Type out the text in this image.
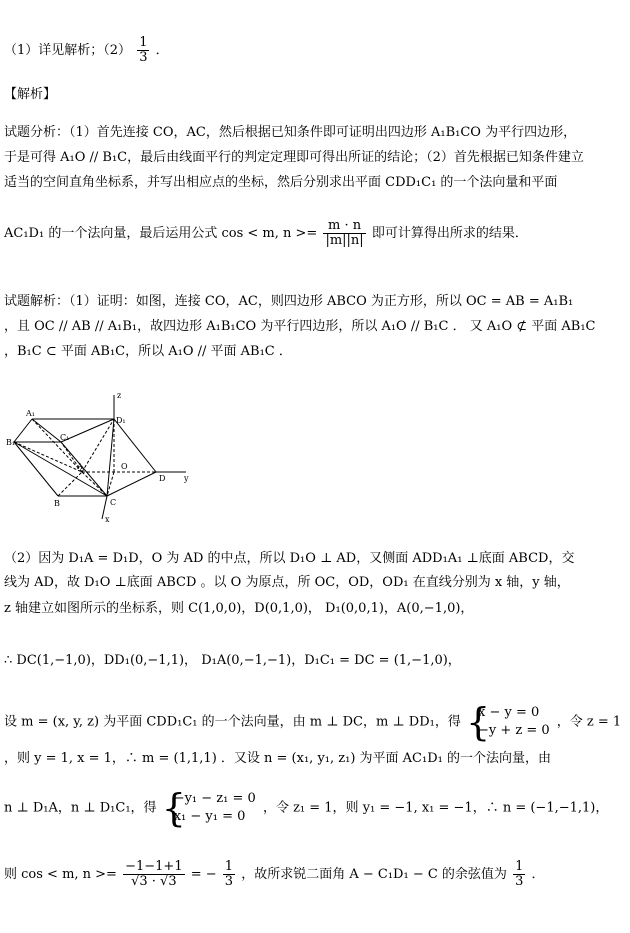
（1）详见解析；$(2) \frac{1}{3}$ ．
【解析】
试题分析：（1）首先连接 CO，AC，然后根据已知条件即可证明出四边形 A₁B₁CO 为平行四边形，
于是可得 A₁O // B₁C，最后由线面平行的判定定理即可得出所证的结论；（2）首先根据已知条件建立
适当的空间直角坐标系，并写出相应点的坐标，然后分别求出平面 CDD₁C₁ 的一个法向量和平面
AC₁D₁ 的一个法向量，最后运用公式 cos < m, $n >= \frac{m \cdot n}{|m||n|}$ 即可计算得出所求的结果．
试题解析：（1）证明：如图，连接 CO，AC，则四边形 ABCO 为正方形，所以 OC = AB = A₁B₁
，且 OC // AB // A₁B₁，故四边形 A₁B₁CO 为平行四边形，所以 A₁O // B₁C ． 又 A₁O ⊄ 平面 AB₁C
，B₁C ⊂ 平面 AB₁C，所以 A₁O // 平面 AB₁C ．
A₁
D₁
B₁
C₁
A	O
D
B	C
x
y
z
（2）因为 D₁A = D₁D，O 为 AD 的中点，所以 D₁O ⊥ AD，又侧面 ADD₁A₁ ⊥底面 ABCD，交
线为 AD，故 D₁O ⊥底面 ABCD 。以 O 为原点，所 OC，OD，OD₁ 在直线分别为 x 轴，y 轴，
z 轴建立如图所示的坐标系，则 C(1,0,0)，D(0,1,0)， D₁(0,0,1)，A(0,−1,0)，
∴ DC(1,−1,0)，DD₁(0,−1,1)， D₁A(0,−1,−1)，D₁C₁ = DC = (1,−1,0)，
设 m = (x, y, z) 为平面 CDD₁C₁ 的一个法向量，由 m ⊥ DC，m ⊥ DD₁，得
{ x − y = 0
−y + z = 0
，令 z = 1
，则 y = 1, x = 1，∴ m = (1,1,1) ．又设 n = (x₁, y₁, z₁) 为平面 AC₁D₁ 的一个法向量，由
n ⊥ D₁A，n ⊥ D₁C₁，得
{ −y₁ − z₁ = 0
x₁ − y₁ = 0
，令 z₁ = 1，则 y₁ = −1, x₁ = −1，∴ n = (−1,−1,1)，
则 cos < m, $n >= \frac{-1-1+1}{√3 \cdot √3}$ = − $\frac{1}{3}$ ，故所求锐二面角 A − C₁D₁ − C 的余弦值为 $\frac{1}{3}$ ．
